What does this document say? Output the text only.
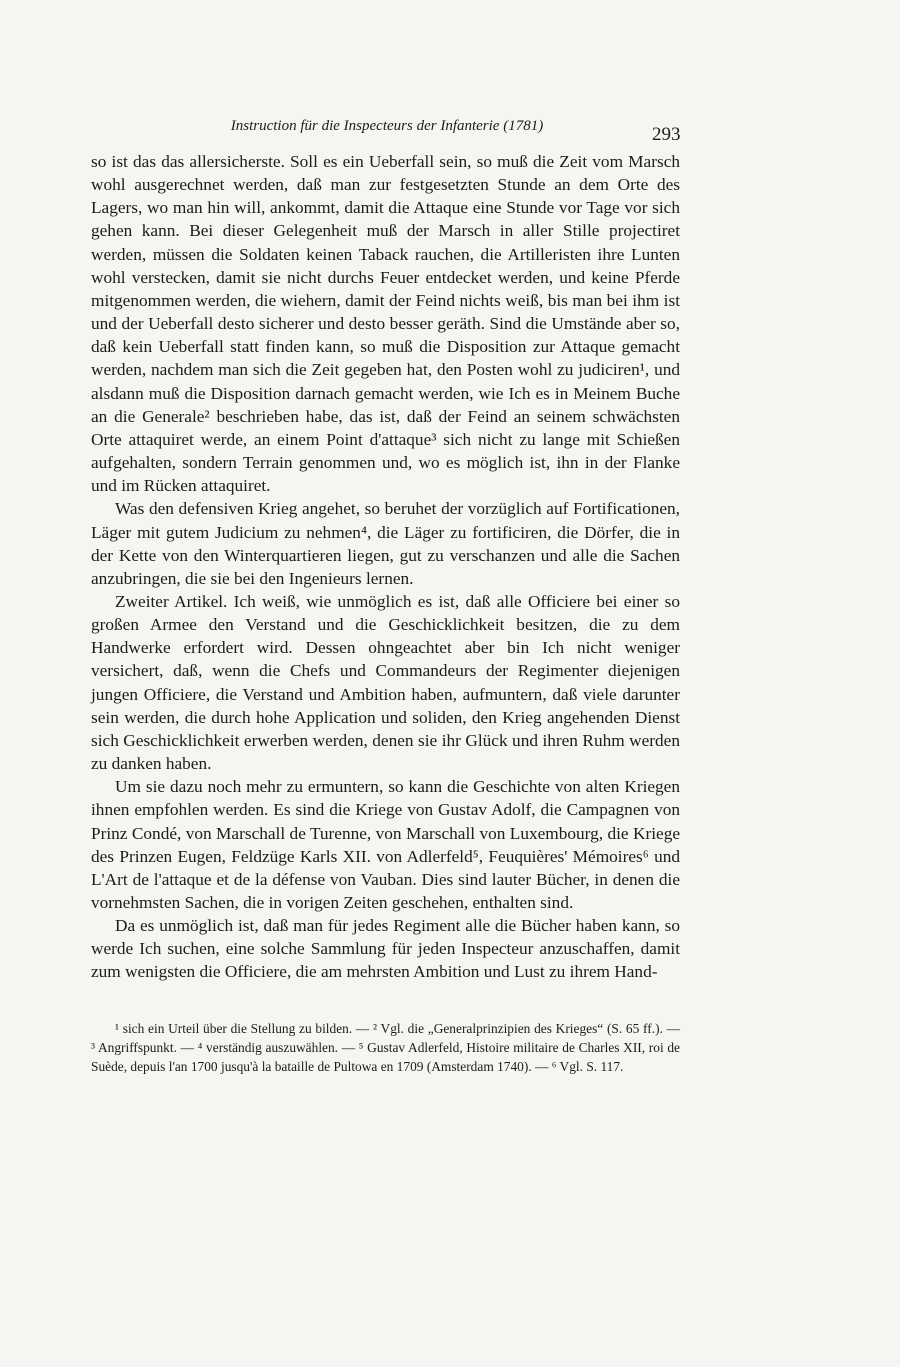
Instruction für die Inspecteurs der Infanterie (1781)	293

so ist das das allersicherste. Soll es ein Ueberfall sein, so muß die Zeit vom Marsch wohl ausgerechnet werden, daß man zur festgesetzten Stunde an dem Orte des Lagers, wo man hin will, ankommt, damit die Attaque eine Stunde vor Tage vor sich gehen kann. Bei dieser Gelegenheit muß der Marsch in aller Stille projectiret werden, müssen die Soldaten keinen Taback rauchen, die Artilleristen ihre Lunten wohl verstecken, damit sie nicht durchs Feuer entdecket werden, und keine Pferde mitgenommen werden, die wiehern, damit der Feind nichts weiß, bis man bei ihm ist und der Ueberfall desto sicherer und desto besser geräth. Sind die Umstände aber so, daß kein Ueberfall statt finden kann, so muß die Disposition zur Attaque gemacht werden, nachdem man sich die Zeit gegeben hat, den Posten wohl zu judiciren¹, und alsdann muß die Disposition darnach gemacht werden, wie Ich es in Meinem Buche an die Generale² beschrieben habe, das ist, daß der Feind an seinem schwächsten Orte attaquiret werde, an einem Point d'attaque³ sich nicht zu lange mit Schießen aufgehalten, sondern Terrain genommen und, wo es möglich ist, ihn in der Flanke und im Rücken attaquiret.

Was den defensiven Krieg angehet, so beruhet der vorzüglich auf Fortificationen, Läger mit gutem Judicium zu nehmen⁴, die Läger zu fortificiren, die Dörfer, die in der Kette von den Winterquartieren liegen, gut zu verschanzen und alle die Sachen anzubringen, die sie bei den Ingenieurs lernen.

Zweiter Artikel. Ich weiß, wie unmöglich es ist, daß alle Officiere bei einer so großen Armee den Verstand und die Geschicklichkeit besitzen, die zu dem Handwerke erfordert wird. Dessen ohngeachtet aber bin Ich nicht weniger versichert, daß, wenn die Chefs und Commandeurs der Regimenter diejenigen jungen Officiere, die Verstand und Ambition haben, aufmuntern, daß viele darunter sein werden, die durch hohe Application und soliden, den Krieg angehenden Dienst sich Geschicklichkeit erwerben werden, denen sie ihr Glück und ihren Ruhm werden zu danken haben.

Um sie dazu noch mehr zu ermuntern, so kann die Geschichte von alten Kriegen ihnen empfohlen werden. Es sind die Kriege von Gustav Adolf, die Campagnen von Prinz Condé, von Marschall de Turenne, von Marschall von Luxembourg, die Kriege des Prinzen Eugen, Feldzüge Karls XII. von Adlerfeld⁵, Feuquières' Mémoires⁶ und L'Art de l'attaque et de la défense von Vauban. Dies sind lauter Bücher, in denen die vornehmsten Sachen, die in vorigen Zeiten geschehen, enthalten sind.

Da es unmöglich ist, daß man für jedes Regiment alle die Bücher haben kann, so werde Ich suchen, eine solche Sammlung für jeden Inspecteur anzuschaffen, damit zum wenigsten die Officiere, die am mehrsten Ambition und Lust zu ihrem Hand-

¹ sich ein Urteil über die Stellung zu bilden. — ² Vgl. die „Generalprinzipien des Krieges“ (S. 65 ff.). — ³ Angriffspunkt. — ⁴ verständig auszuwählen. — ⁵ Gustav Adlerfeld, Histoire militaire de Charles XII, roi de Suède, depuis l'an 1700 jusqu'à la bataille de Pultowa en 1709 (Amsterdam 1740). — ⁶ Vgl. S. 117.
